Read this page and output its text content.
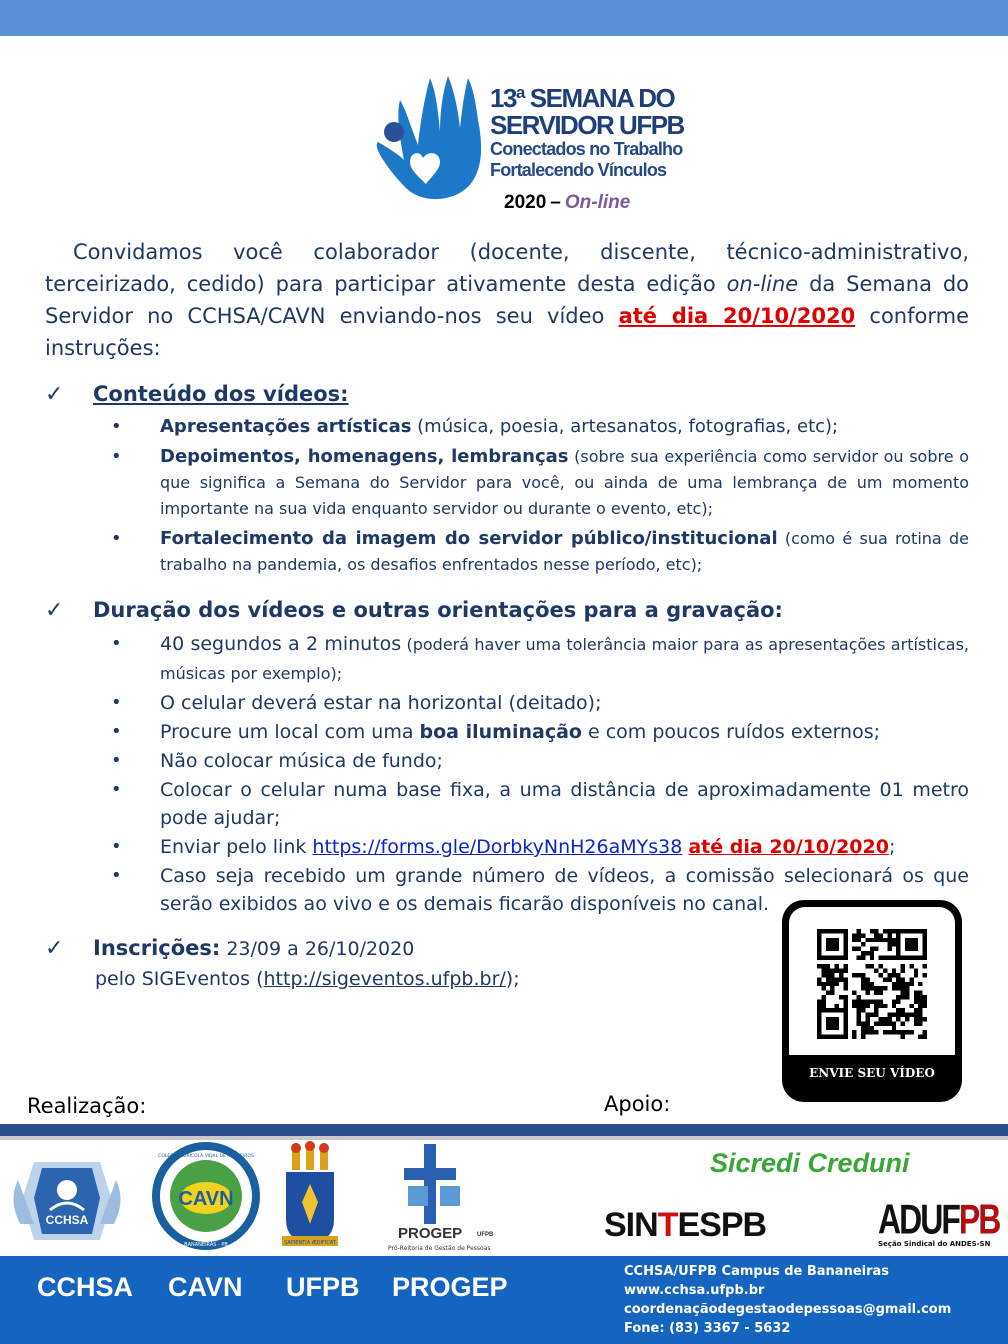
13ª SEMANA DO
SERVIDOR UFPB
Conectados no Trabalho
Fortalecendo Vínculos
2020 – On-line
Convidamos você colaborador (docente, discente, técnico-administrativo, terceirizado, cedido) para participar ativamente desta edição on-line da Semana do Servidor no CCHSA/CAVN enviando-nos seu vídeo até dia 20/10/2020 conforme instruções:
✓ Conteúdo dos vídeos:
• Apresentações artísticas (música, poesia, artesanatos, fotografias, etc);
• Depoimentos, homenagens, lembranças (sobre sua experiência como servidor ou sobre o que significa a Semana do Servidor para você, ou ainda de uma lembrança de um momento importante na sua vida enquanto servidor ou durante o evento, etc);
• Fortalecimento da imagem do servidor público/institucional (como é sua rotina de trabalho na pandemia, os desafios enfrentados nesse período, etc);
✓ Duração dos vídeos e outras orientações para a gravação:
• 40 segundos a 2 minutos (poderá haver uma tolerância maior para as apresentações artísticas, músicas por exemplo);
• O celular deverá estar na horizontal (deitado);
• Procure um local com uma boa iluminação e com poucos ruídos externos;
• Não colocar música de fundo;
• Colocar o celular numa base fixa, a uma distância de aproximadamente 01 metro pode ajudar;
• Enviar pelo link https://forms.gle/DorbkyNnH26aMYs38 até dia 20/10/2020;
• Caso seja recebido um grande número de vídeos, a comissão selecionará os que serão exibidos ao vivo e os demais ficarão disponíveis no canal.
✓ Inscrições: 23/09 a 26/10/2020
pelo SIGEventos (http://sigeventos.ufpb.br/);
ENVIE SEU VÍDEO
Realização:	Apoio:
CCHSA
CAVN
COLÉGIO AGRÍCOLA VIDAL DE NEGREIROS
BANANEIRAS - PB	SAPIENTIA ÆDIFICAT
PROGEP UFPB
Pró-Reitoria de Gestão de Pessoas
Sicredi Creduni
SINTESPB	ADUFPB
Seção Sindical do ANDES-SN
CCHSA CAVN UFPB PROGEP
CCHSA/UFPB Campus de Bananeiras
www.cchsa.ufpb.br
coordenaçãodegestaodepessoas@gmail.com
Fone: (83) 3367 - 5632
